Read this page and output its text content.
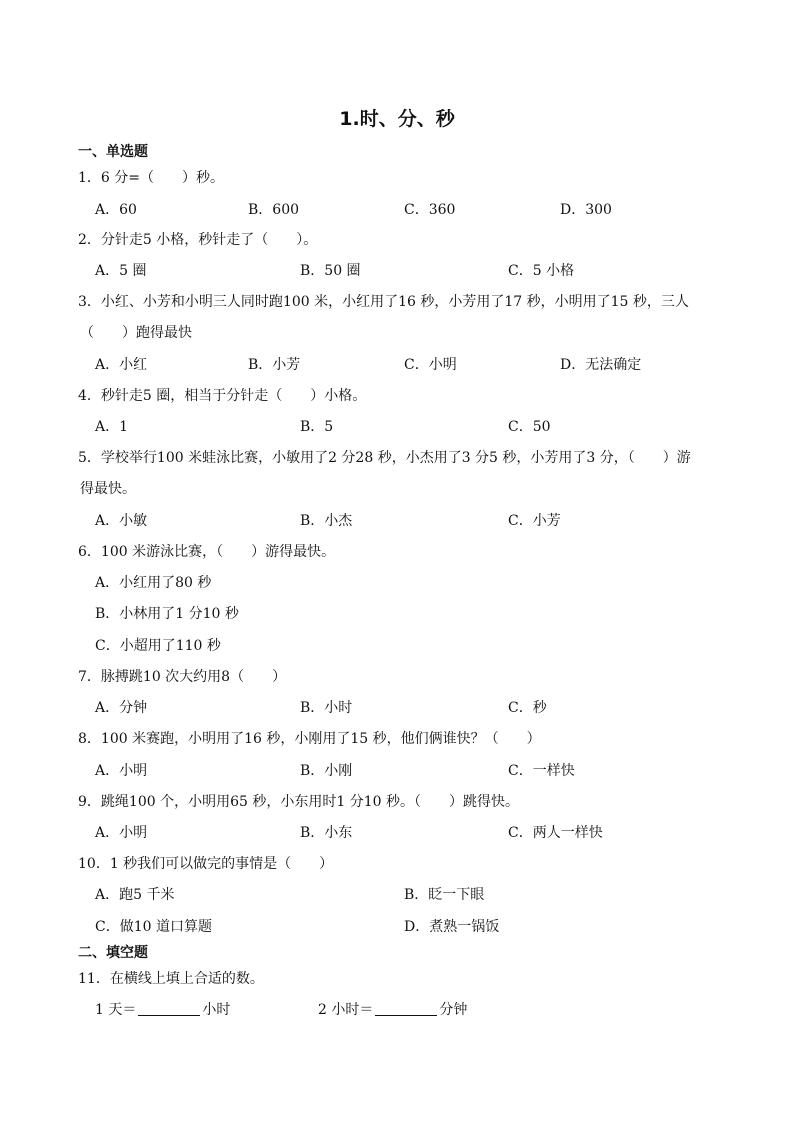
1.时、分、秒
一、单选题
1．6 分=（　　）秒。
A．60	B．600	C．360	D．300
2．分针走5 小格，秒针走了（　　）。
A．5 圈	B．50 圈	C．5 小格
3．小红、小芳和小明三人同时跑100 米，小红用了16 秒，小芳用了17 秒，小明用了15 秒，三人
（　　）跑得最快
A．小红	B．小芳	C．小明	D．无法确定
4．秒针走5 圈，相当于分针走（　　）小格。
A．1	B．5	C．50
5．学校举行100 米蛙泳比赛，小敏用了2 分28 秒，小杰用了3 分5 秒，小芳用了3 分，（　　）游
得最快。
A．小敏	B．小杰	C．小芳
6．100 米游泳比赛，（　　）游得最快。
A．小红用了80 秒
B．小林用了1 分10 秒
C．小超用了110 秒
7．脉搏跳10 次大约用8（　　）
A．分钟	B．小时	C．秒
8．100 米赛跑，小明用了16 秒，小刚用了15 秒，他们俩谁快？（　　）
A．小明	B．小刚	C．一样快
9．跳绳100 个，小明用65 秒，小东用时1 分10 秒。（　　）跳得快。
A．小明	B．小东	C．两人一样快
10．1 秒我们可以做完的事情是（　　）
A．跑5 千米	B．眨一下眼
C．做10 道口算题	D．煮熟一锅饭
二、填空题
11．在横线上填上合适的数。
1 天＝	小时	2 小时＝	分钟
